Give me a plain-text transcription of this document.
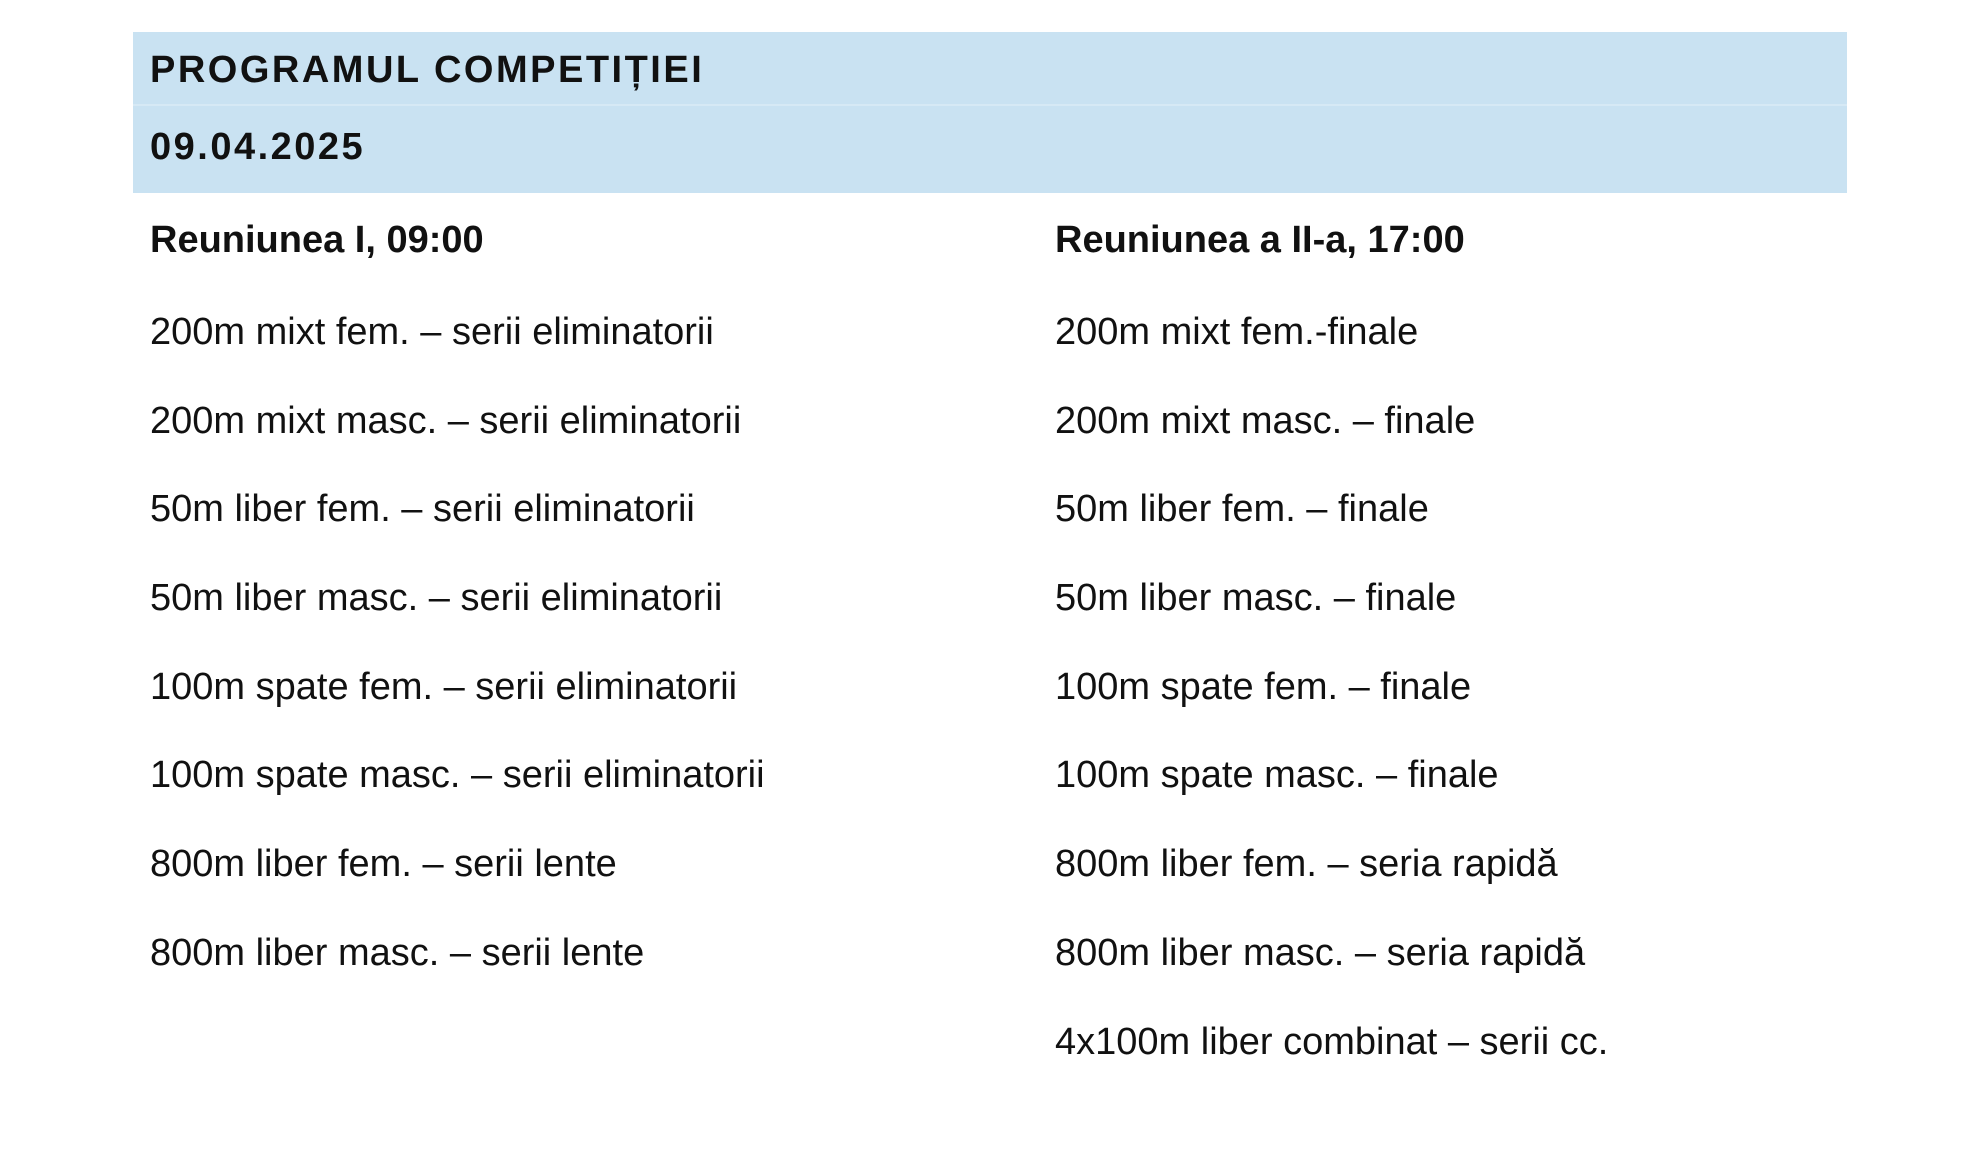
PROGRAMUL COMPETIȚIEI
09.04.2025
Reuniunea I, 09:00
200m mixt fem. – serii eliminatorii
200m mixt masc. – serii eliminatorii
50m liber fem. – serii eliminatorii
50m liber masc. – serii eliminatorii
100m spate fem. – serii eliminatorii
100m spate masc. – serii eliminatorii
800m liber fem. – serii lente
800m liber masc. – serii lente
Reuniunea a II-a, 17:00
200m mixt fem.-finale
200m mixt masc. – finale
50m liber fem. – finale
50m liber masc. – finale
100m spate fem. – finale
100m spate masc. – finale
800m liber fem. – seria rapidă
800m liber masc. – seria rapidă
4x100m liber combinat – serii cc.
